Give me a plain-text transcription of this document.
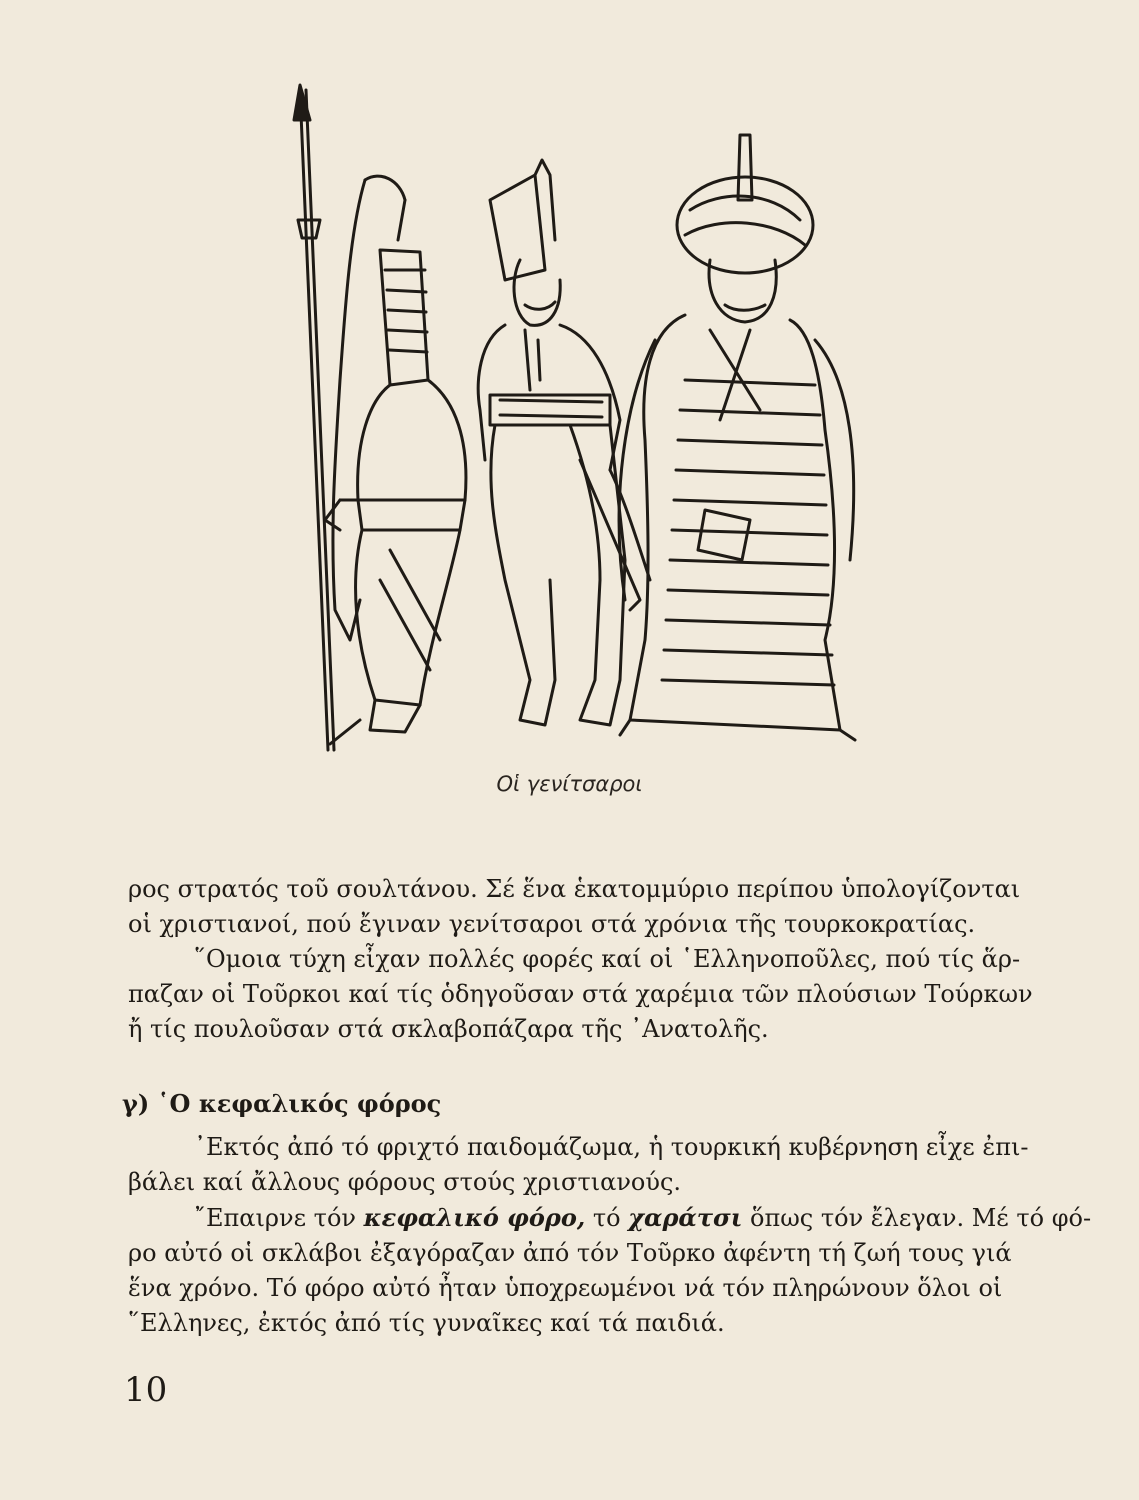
Οἱ γενίτσαροι
ρος στρατός τοῦ σουλτάνου. Σέ ἕνα ἑκατομμύριο περίπου ὑπολογίζονται
οἱ χριστιανοί, πού ἔγιναν γενίτσαροι στά χρόνια τῆς τουρκοκρατίας.
῞Ομοια τύχη εἶχαν πολλές φορές καί οἱ ῾Ελληνοποῦλες, πού τίς ἅρ-
παζαν οἱ Τοῦρκοι καί τίς ὁδηγοῦσαν στά χαρέμια τῶν πλούσιων Τούρκων
ἤ τίς πουλοῦσαν στά σκλαβοπάζαρα τῆς ᾽Ανατολῆς.
γ) ῾Ο κεφαλικός φόρος
᾽Εκτός ἀπό τό φριχτό παιδομάζωμα, ἡ τουρκική κυβέρνηση εἶχε ἐπι-
βάλει καί ἄλλους φόρους στούς χριστιανούς.
῎Επαιρνε τόν κεφαλικό φόρο, τό χαράτσι ὅπως τόν ἔλεγαν. Μέ τό φό-
ρο αὐτό οἱ σκλάβοι ἐξαγόραζαν ἀπό τόν Τοῦρκο ἀφέντη τή ζωή τους γιά
ἕνα χρόνο. Τό φόρο αὐτό ἦταν ὑποχρεωμένοι νά τόν πληρώνουν ὅλοι οἱ
῞Ελληνες, ἐκτός ἀπό τίς γυναῖκες καί τά παιδιά.
10
